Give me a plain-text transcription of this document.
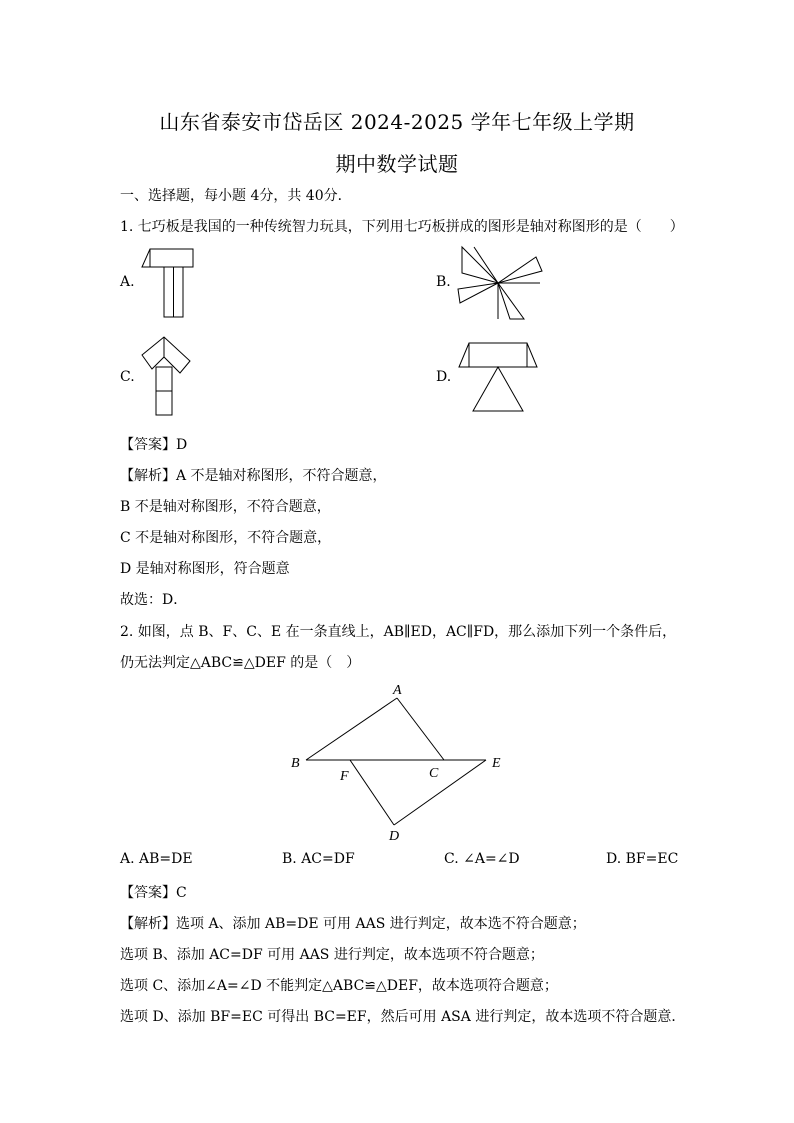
山东省泰安市岱岳区 2024-2025 学年七年级上学期
期中数学试题
一、选择题，每小题 4分，共 40分．
1. 七巧板是我国的一种传统智力玩具，下列用七巧板拼成的图形是轴对称图形的是（　　）
A.	B.
C.	D.
【答案】D
【解析】A 不是轴对称图形，不符合题意，
B 不是轴对称图形，不符合题意，
C 不是轴对称图形，不符合题意，
D 是轴对称图形，符合题意
故选：D．
2. 如图，点 B、F、C、E 在一条直线上，AB∥ED，AC∥FD，那么添加下列一个条件后，
仍无法判定△ABC≌△DEF 的是（　）
A
B
C
D
E
F
A. AB=DE	B. AC=DF	C. ∠A=∠D	D. BF=EC
【答案】C
【解析】选项 A、添加 AB=DE 可用 AAS 进行判定，故本选不符合题意；
选项 B、添加 AC=DF 可用 AAS 进行判定，故本选项不符合题意；
选项 C、添加∠A=∠D 不能判定△ABC≌△DEF，故本选项符合题意；
选项 D、添加 BF=EC 可得出 BC=EF，然后可用 ASA 进行判定，故本选项不符合题意．
